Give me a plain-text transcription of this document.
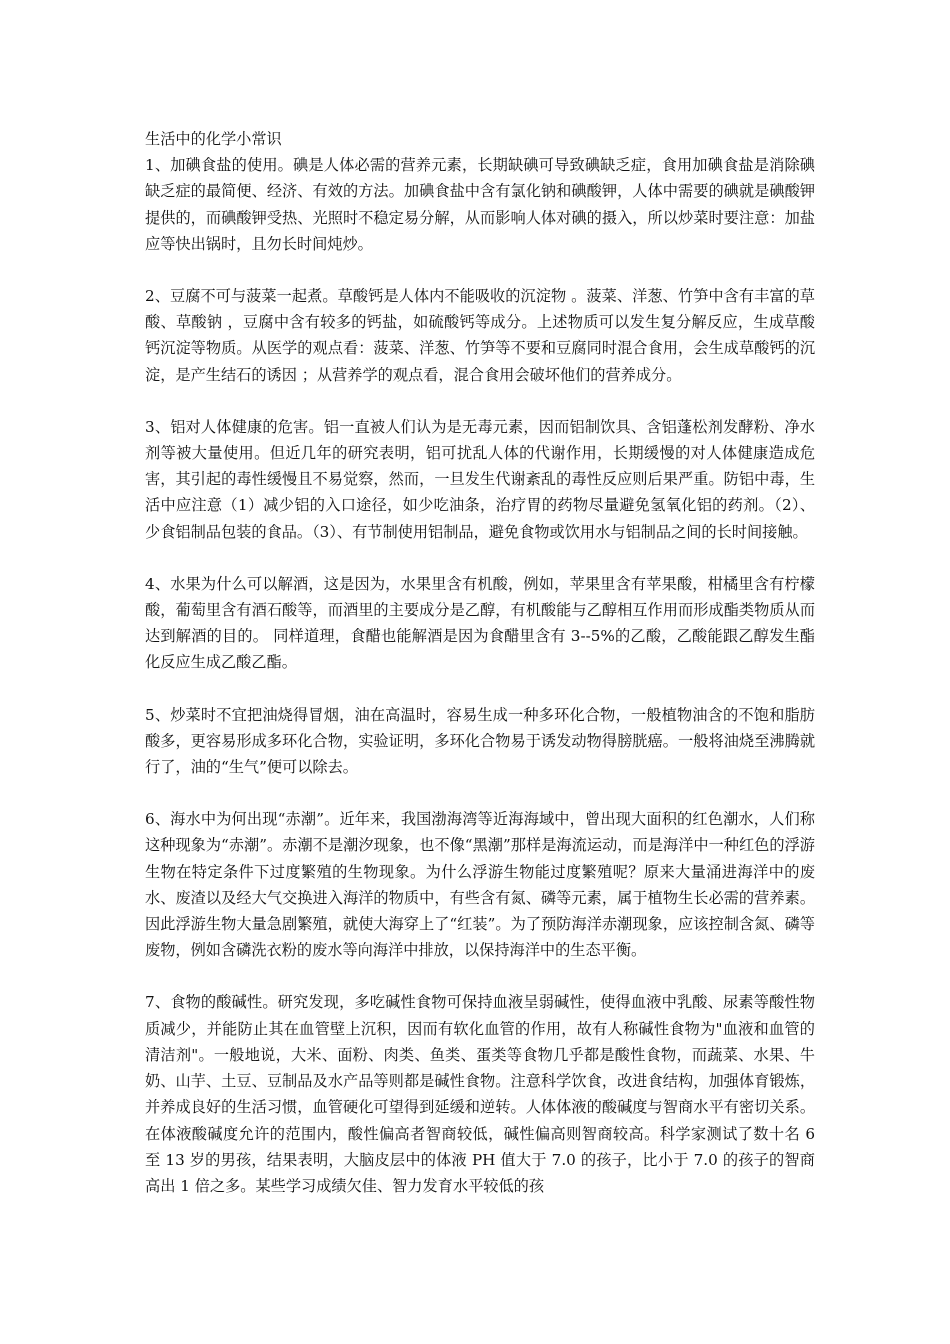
生活中的化学小常识

1、加碘食盐的使用。碘是人体必需的营养元素，长期缺碘可导致碘缺乏症，食用加碘食盐是消除碘缺乏症的最简便、经济、有效的方法。加碘食盐中含有氯化钠和碘酸钾，人体中需要的碘就是碘酸钾提供的，而碘酸钾受热、光照时不稳定易分解，从而影响人体对碘的摄入，所以炒菜时要注意：加盐应等快出锅时，且勿长时间炖炒。

2、豆腐不可与菠菜一起煮。草酸钙是人体内不能吸收的沉淀物 。菠菜、洋葱、竹笋中含有丰富的草酸、草酸钠 ，豆腐中含有较多的钙盐，如硫酸钙等成分。上述物质可以发生复分解反应，生成草酸钙沉淀等物质。从医学的观点看：菠菜、洋葱、竹笋等不要和豆腐同时混合食用，会生成草酸钙的沉淀，是产生结石的诱因 ；从营养学的观点看，混合食用会破坏他们的营养成分。

3、铝对人体健康的危害。铝一直被人们认为是无毒元素，因而铝制饮具、含铝蓬松剂发酵粉、净水剂等被大量使用。但近几年的研究表明，铝可扰乱人体的代谢作用，长期缓慢的对人体健康造成危害，其引起的毒性缓慢且不易觉察，然而，一旦发生代谢紊乱的毒性反应则后果严重。防铝中毒，生活中应注意（1）减少铝的入口途径，如少吃油条，治疗胃的药物尽量避免氢氧化铝的药剂。（2）、少食铝制品包装的食品。（3）、有节制使用铝制品，避免食物或饮用水与铝制品之间的长时间接触。

4、水果为什么可以解酒，这是因为，水果里含有机酸，例如，苹果里含有苹果酸，柑橘里含有柠檬酸，葡萄里含有酒石酸等，而酒里的主要成分是乙醇，有机酸能与乙醇相互作用而形成酯类物质从而达到解酒的目的。 同样道理，食醋也能解酒是因为食醋里含有 3--5%的乙酸，乙酸能跟乙醇发生酯化反应生成乙酸乙酯。

5、炒菜时不宜把油烧得冒烟，油在高温时，容易生成一种多环化合物，一般植物油含的不饱和脂肪酸多，更容易形成多环化合物，实验证明，多环化合物易于诱发动物得膀胱癌。一般将油烧至沸腾就行了，油的“生气”便可以除去。

6、海水中为何出现“赤潮”。近年来，我国渤海湾等近海海域中，曾出现大面积的红色潮水，人们称这种现象为“赤潮”。赤潮不是潮汐现象，也不像“黑潮”那样是海流运动，而是海洋中一种红色的浮游生物在特定条件下过度繁殖的生物现象。为什么浮游生物能过度繁殖呢？原来大量涌进海洋中的废水、废渣以及经大气交换进入海洋的物质中，有些含有氮、磷等元素，属于植物生长必需的营养素。因此浮游生物大量急剧繁殖，就使大海穿上了“红装”。为了预防海洋赤潮现象，应该控制含氮、磷等废物，例如含磷洗衣粉的废水等向海洋中排放，以保持海洋中的生态平衡。

7、食物的酸碱性。研究发现，多吃碱性食物可保持血液呈弱碱性，使得血液中乳酸、尿素等酸性物质减少，并能防止其在血管壁上沉积，因而有软化血管的作用，故有人称碱性食物为"血液和血管的清洁剂"。一般地说，大米、面粉、肉类、鱼类、蛋类等食物几乎都是酸性食物，而蔬菜、水果、牛奶、山芋、土豆、豆制品及水产品等则都是碱性食物。注意科学饮食，改进食结构，加强体育锻炼，并养成良好的生活习惯，血管硬化可望得到延缓和逆转。人体体液的酸碱度与智商水平有密切关系。在体液酸碱度允许的范围内，酸性偏高者智商较低，碱性偏高则智商较高。科学家测试了数十名 6 至 13 岁的男孩，结果表明，大脑皮层中的体液 PH 值大于 7.0 的孩子，比小于 7.0 的孩子的智商高出 1 倍之多。某些学习成绩欠佳、智力发育水平较低的孩
